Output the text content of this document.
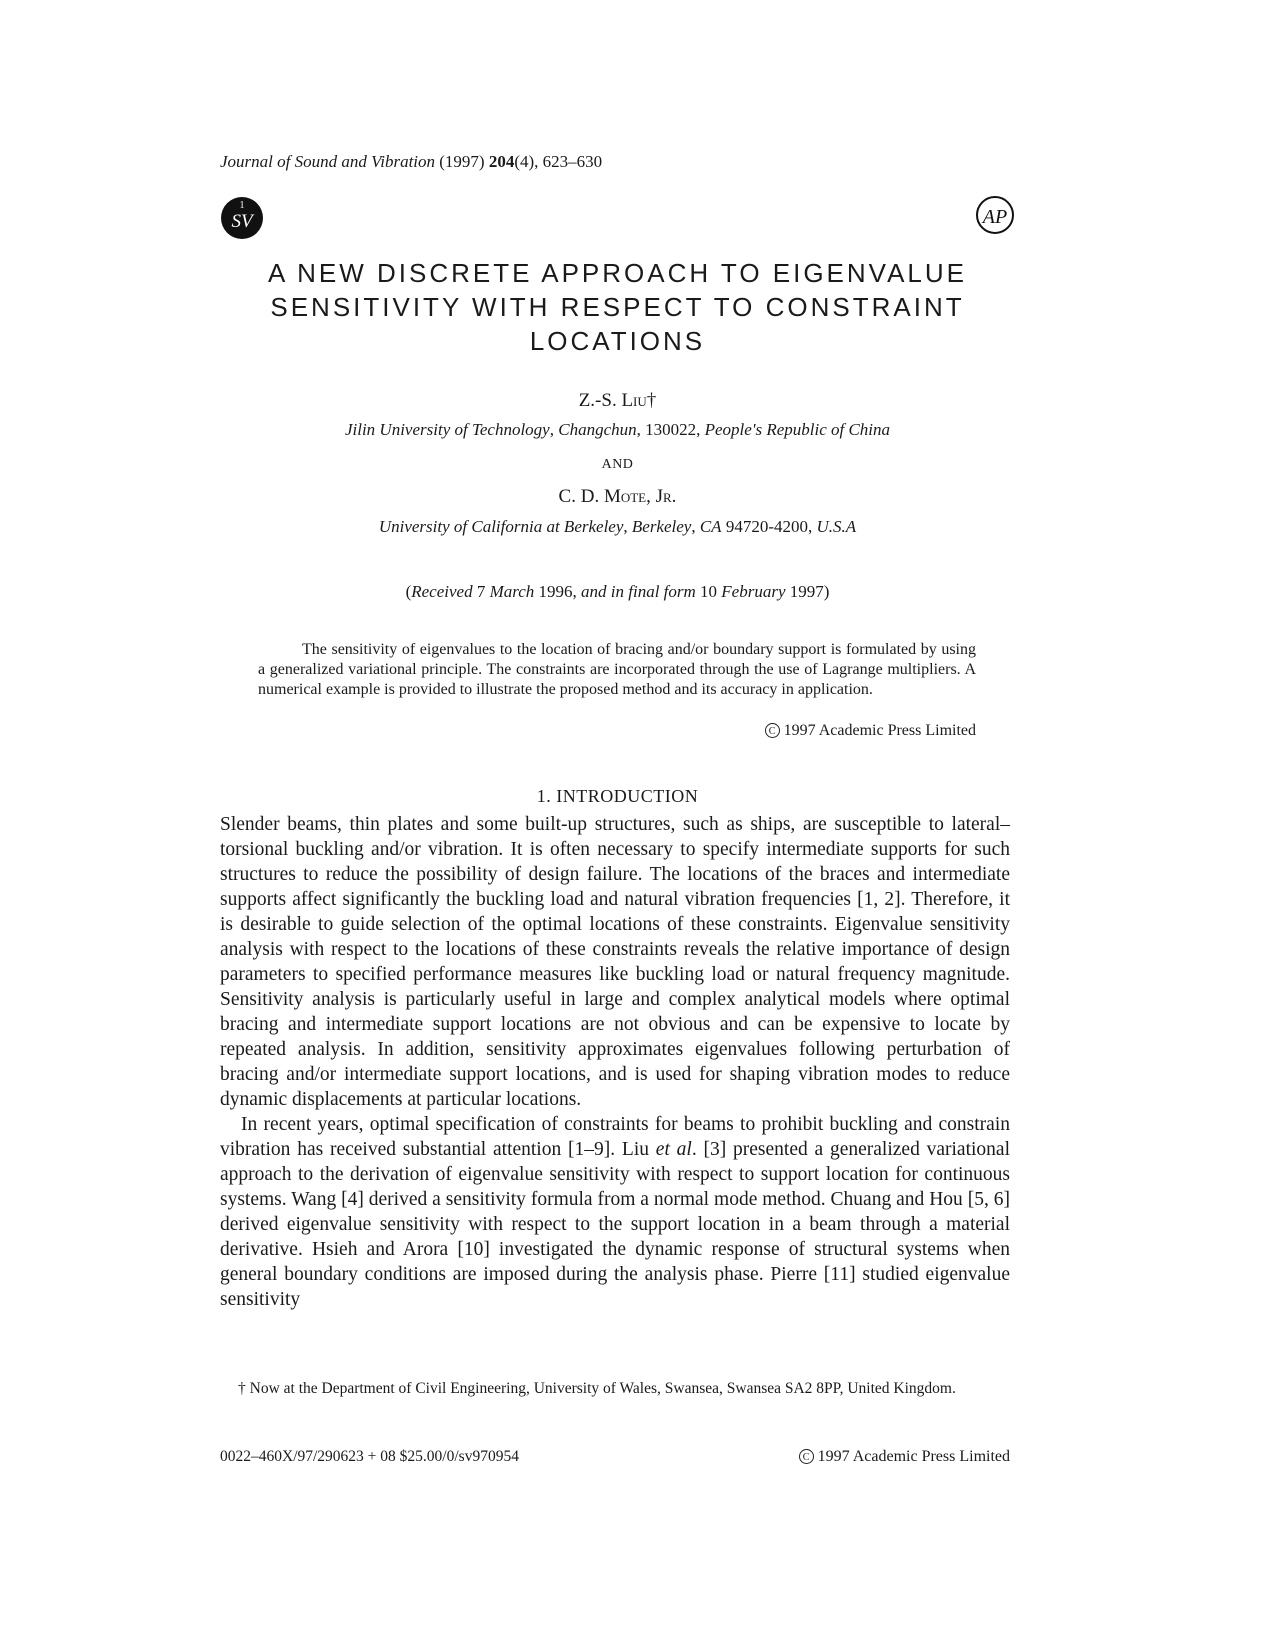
Journal of Sound and Vibration (1997) 204(4), 623–630
1
SV	AP
A NEW DISCRETE APPROACH TO EIGENVALUE
SENSITIVITY WITH RESPECT TO CONSTRAINT
LOCATIONS
Z.-S. Liu†
Jilin University of Technology, Changchun, 130022, People's Republic of China
AND
C. D. Mote, Jr.
University of California at Berkeley, Berkeley, CA 94720-4200, U.S.A
(Received 7 March 1996, and in final form 10 February 1997)
The sensitivity of eigenvalues to the location of bracing and/or boundary support is formulated by using a generalized variational principle. The constraints are incorporated through the use of Lagrange multipliers. A numerical example is provided to illustrate the proposed method and its accuracy in application.
C 1997 Academic Press Limited
1. INTRODUCTION

Slender beams, thin plates and some built-up structures, such as ships, are susceptible to lateral–torsional buckling and/or vibration. It is often necessary to specify intermediate supports for such structures to reduce the possibility of design failure. The locations of the braces and intermediate supports affect significantly the buckling load and natural vibration frequencies [1, 2]. Therefore, it is desirable to guide selection of the optimal locations of these constraints. Eigenvalue sensitivity analysis with respect to the locations of these constraints reveals the relative importance of design parameters to specified performance measures like buckling load or natural frequency magnitude. Sensitivity analysis is particularly useful in large and complex analytical models where optimal bracing and intermediate support locations are not obvious and can be expensive to locate by repeated analysis. In addition, sensitivity approximates eigenvalues following perturbation of bracing and/or intermediate support locations, and is used for shaping vibration modes to reduce dynamic displacements at particular locations.

In recent years, optimal specification of constraints for beams to prohibit buckling and constrain vibration has received substantial attention [1–9]. Liu et al. [3] presented a generalized variational approach to the derivation of eigenvalue sensitivity with respect to support location for continuous systems. Wang [4] derived a sensitivity formula from a normal mode method. Chuang and Hou [5, 6] derived eigenvalue sensitivity with respect to the support location in a beam through a material derivative. Hsieh and Arora [10] investigated the dynamic response of structural systems when general boundary conditions are imposed during the analysis phase. Pierre [11] studied eigenvalue sensitivity

† Now at the Department of Civil Engineering, University of Wales, Swansea, Swansea SA2 8PP, United Kingdom.
0022–460X/97/290623 + 08 $25.00/0/sv970954	C 1997 Academic Press Limited
